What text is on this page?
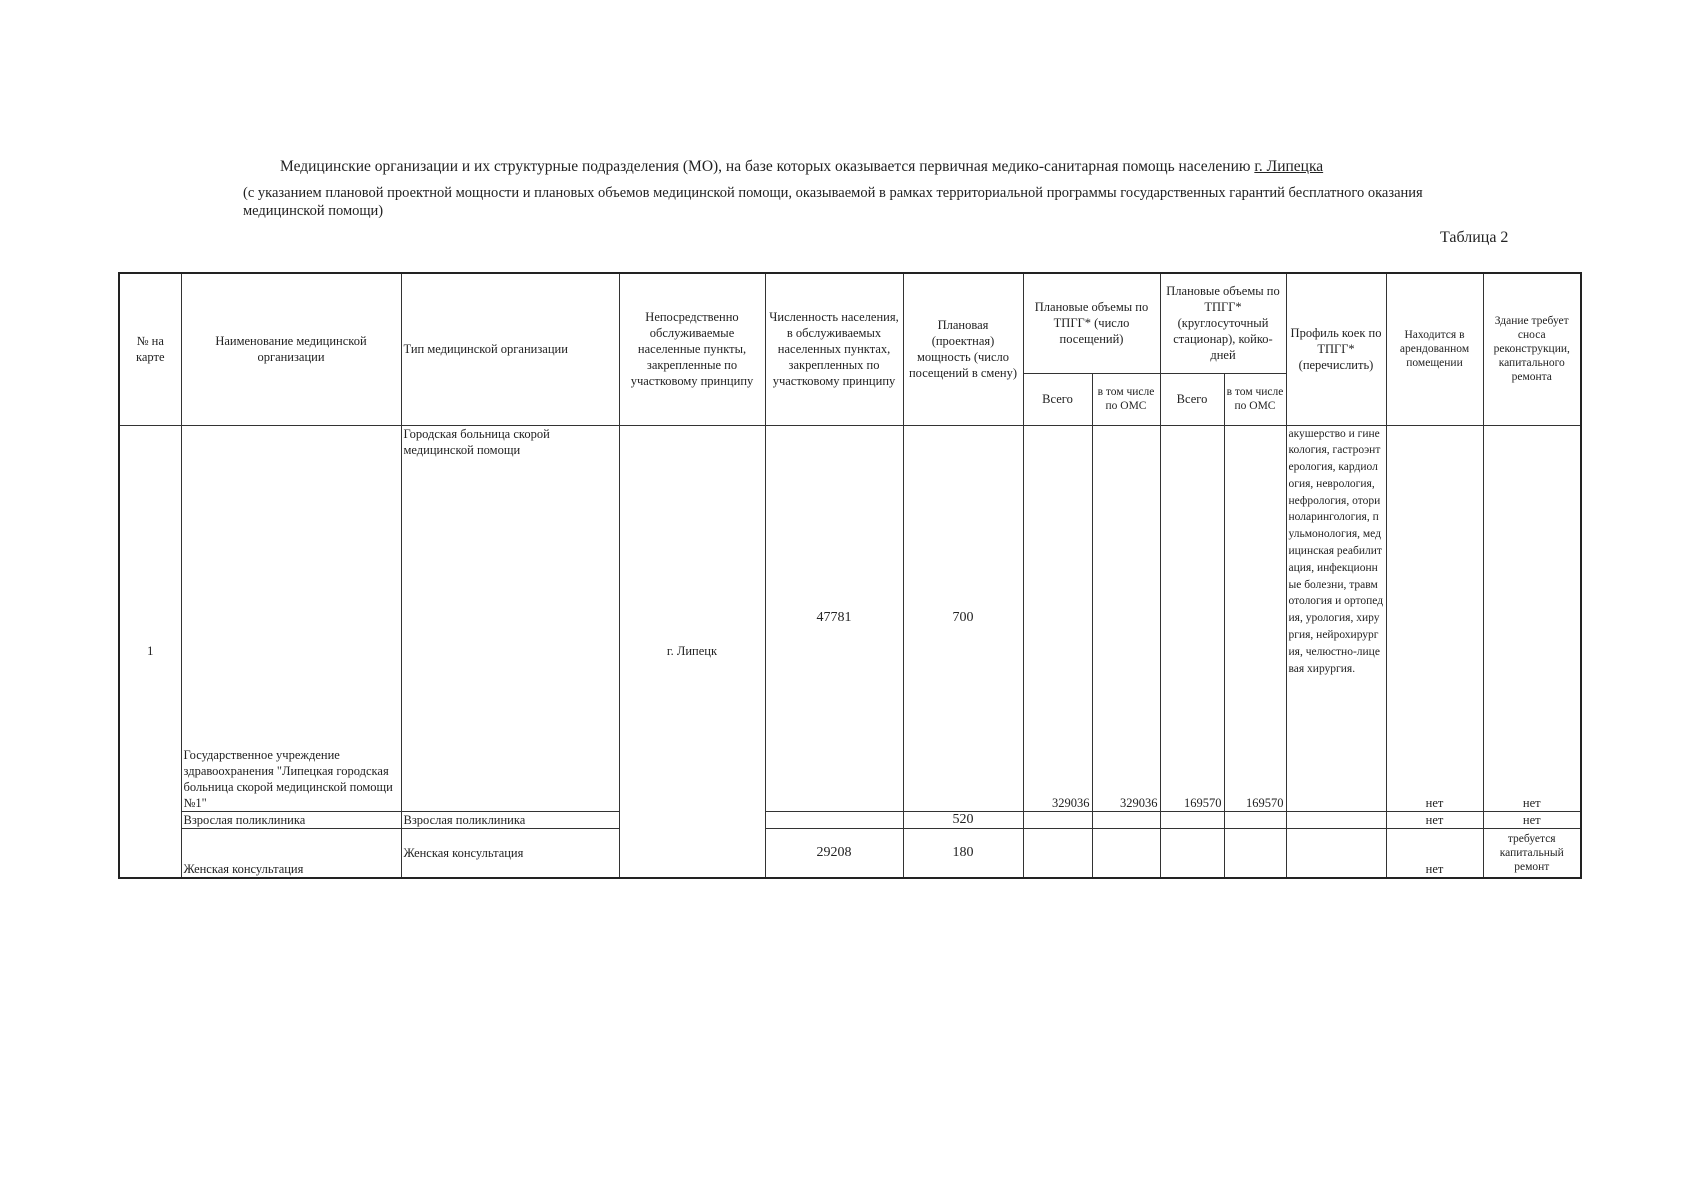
Медицинские организации и их структурные подразделения (МО), на базе которых оказывается первичная медико-санитарная помощь населению г. Липецка
(с указанием плановой проектной мощности и плановых объемов медицинской помощи, оказываемой в рамках территориальной программы государственных гарантий бесплатного оказания медицинской помощи)
Таблица 2
№ на карте	Наименование медицинской организации	Тип медицинской организации	Непосредственно обслуживаемые населенные пункты, закрепленные по участковому принципу	Численность населения, в обслуживаемых населенных пунктах, закрепленных по участковому принципу	Плановая (проектная) мощность (число посещений в смену)	Плановые объемы по ТПГГ* (число посещений)		Плановые объемы по ТПГГ* (круглосуточный стационар), койко-дней		Профиль коек по ТПГГ* (перечислить)	Находится в арендованном помещении	Здание требует сноса реконструкции, капитального ремонта
						Всего	в том числе по ОМС	Всего	в том числе по ОМС			
1	Государственное учреждение здравоохранения "Липецкая городская больница скорой медицинской помощи №1"	Городская больница скорой медицинской помощи	г. Липецк	47781	700	329036	329036	169570	169570	акушерство и гинекология, гастроэнтерология, кардиология, неврология, нефрология, оториноларингология, пульмонология, медицинская реабилитация, инфекционные болезни, травмотология и ортопедия, урология, хирургия, нейрохирургия, челюстно-лицевая хирургия.	нет	нет
	Взрослая поликлиника	Взрослая поликлиника			520						нет	нет
	Женская консультация	Женская консультация		29208	180						нет	требуется капитальный ремонт
